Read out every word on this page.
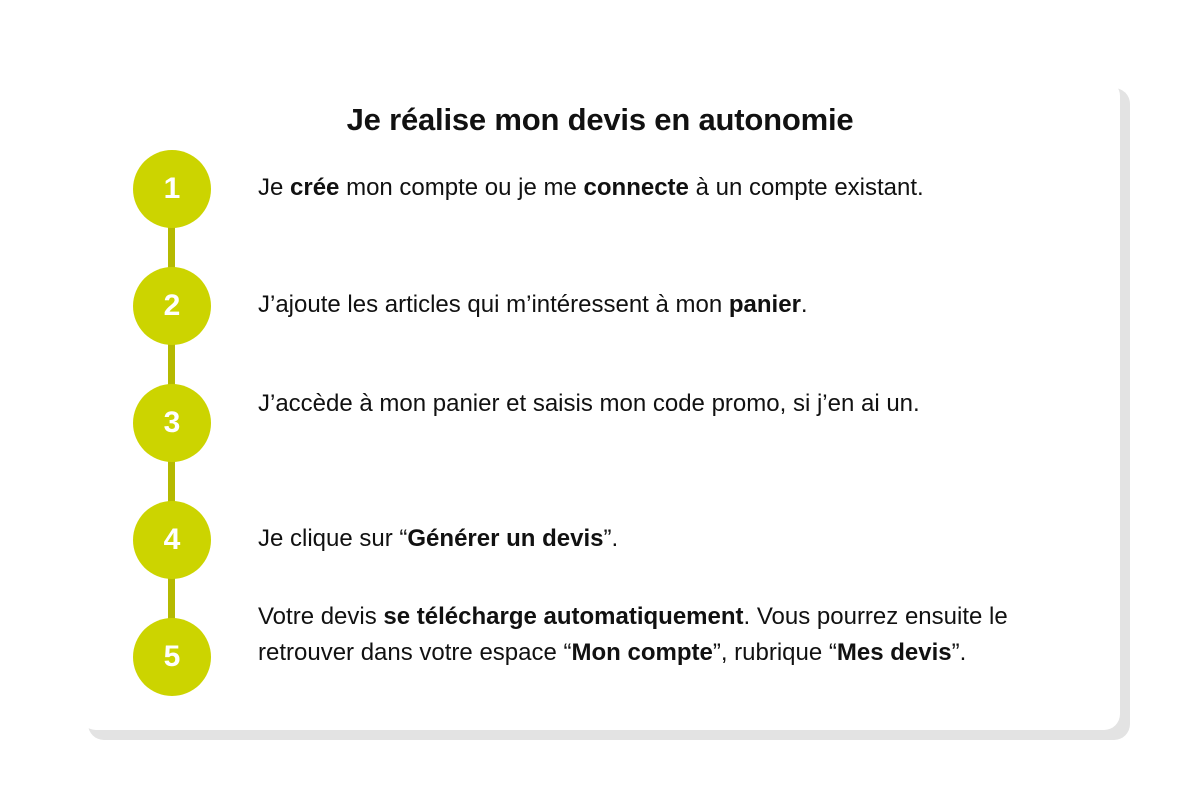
Je réalise mon devis en autonomie
1	Je crée mon compte ou je me connecte à un compte existant.
2	J’ajoute les articles qui m’intéressent à mon panier.
3
J’accède à mon panier et saisis mon code promo, si j’en ai un.
4	Je clique sur “Générer un devis”.
5
Votre devis se télécharge automatiquement. Vous pourrez ensuite le retrouver dans votre espace “Mon compte”, rubrique “Mes devis”.
